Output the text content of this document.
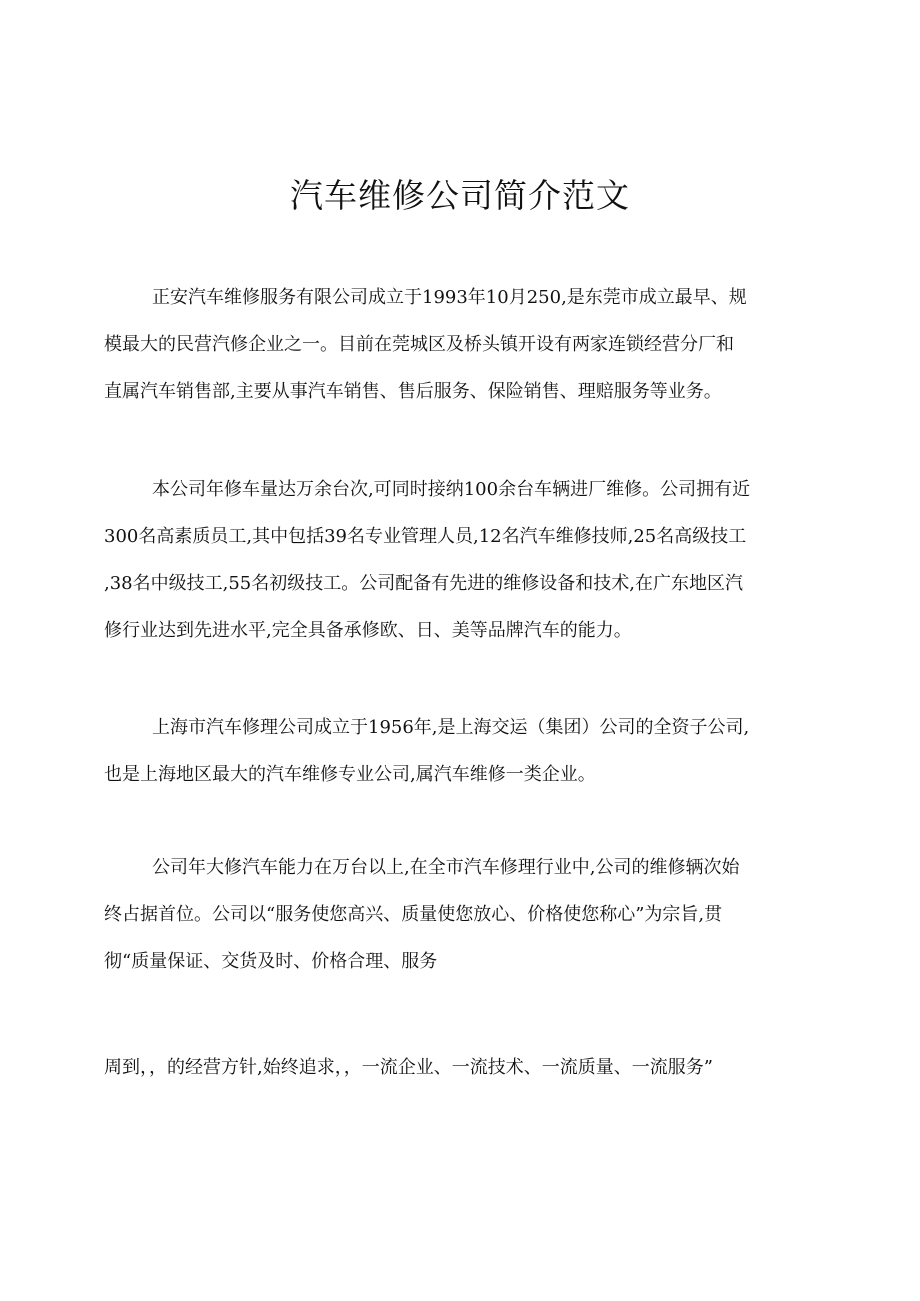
汽车维修公司简介范文

正安汽车维修服务有限公司成立于1993年10月250,是东莞市成立最早、规
模最大的民营汽修企业之一。目前在莞城区及桥头镇开设有两家连锁经营分厂和
直属汽车销售部,主要从事汽车销售、售后服务、保险销售、理赔服务等业务。

本公司年修车量达万余台次,可同时接纳100余台车辆进厂维修。公司拥有近
300名高素质员工,其中包括39名专业管理人员,12名汽车维修技师,25名高级技工
,38名中级技工,55名初级技工。公司配备有先进的维修设备和技术,在广东地区汽
修行业达到先进水平,完全具备承修欧、日、美等品牌汽车的能力。

上海市汽车修理公司成立于1956年,是上海交运（集团）公司的全资子公司,
也是上海地区最大的汽车维修专业公司,属汽车维修一类企业。

公司年大修汽车能力在万台以上,在全市汽车修理行业中,公司的维修辆次始
终占据首位。公司以“服务使您高兴、质量使您放心、价格使您称心”为宗旨,贯
彻“质量保证、交货及时、价格合理、服务

周到，，的经营方针,始终追求，，一流企业、一流技术、一流质量、一流服务”
